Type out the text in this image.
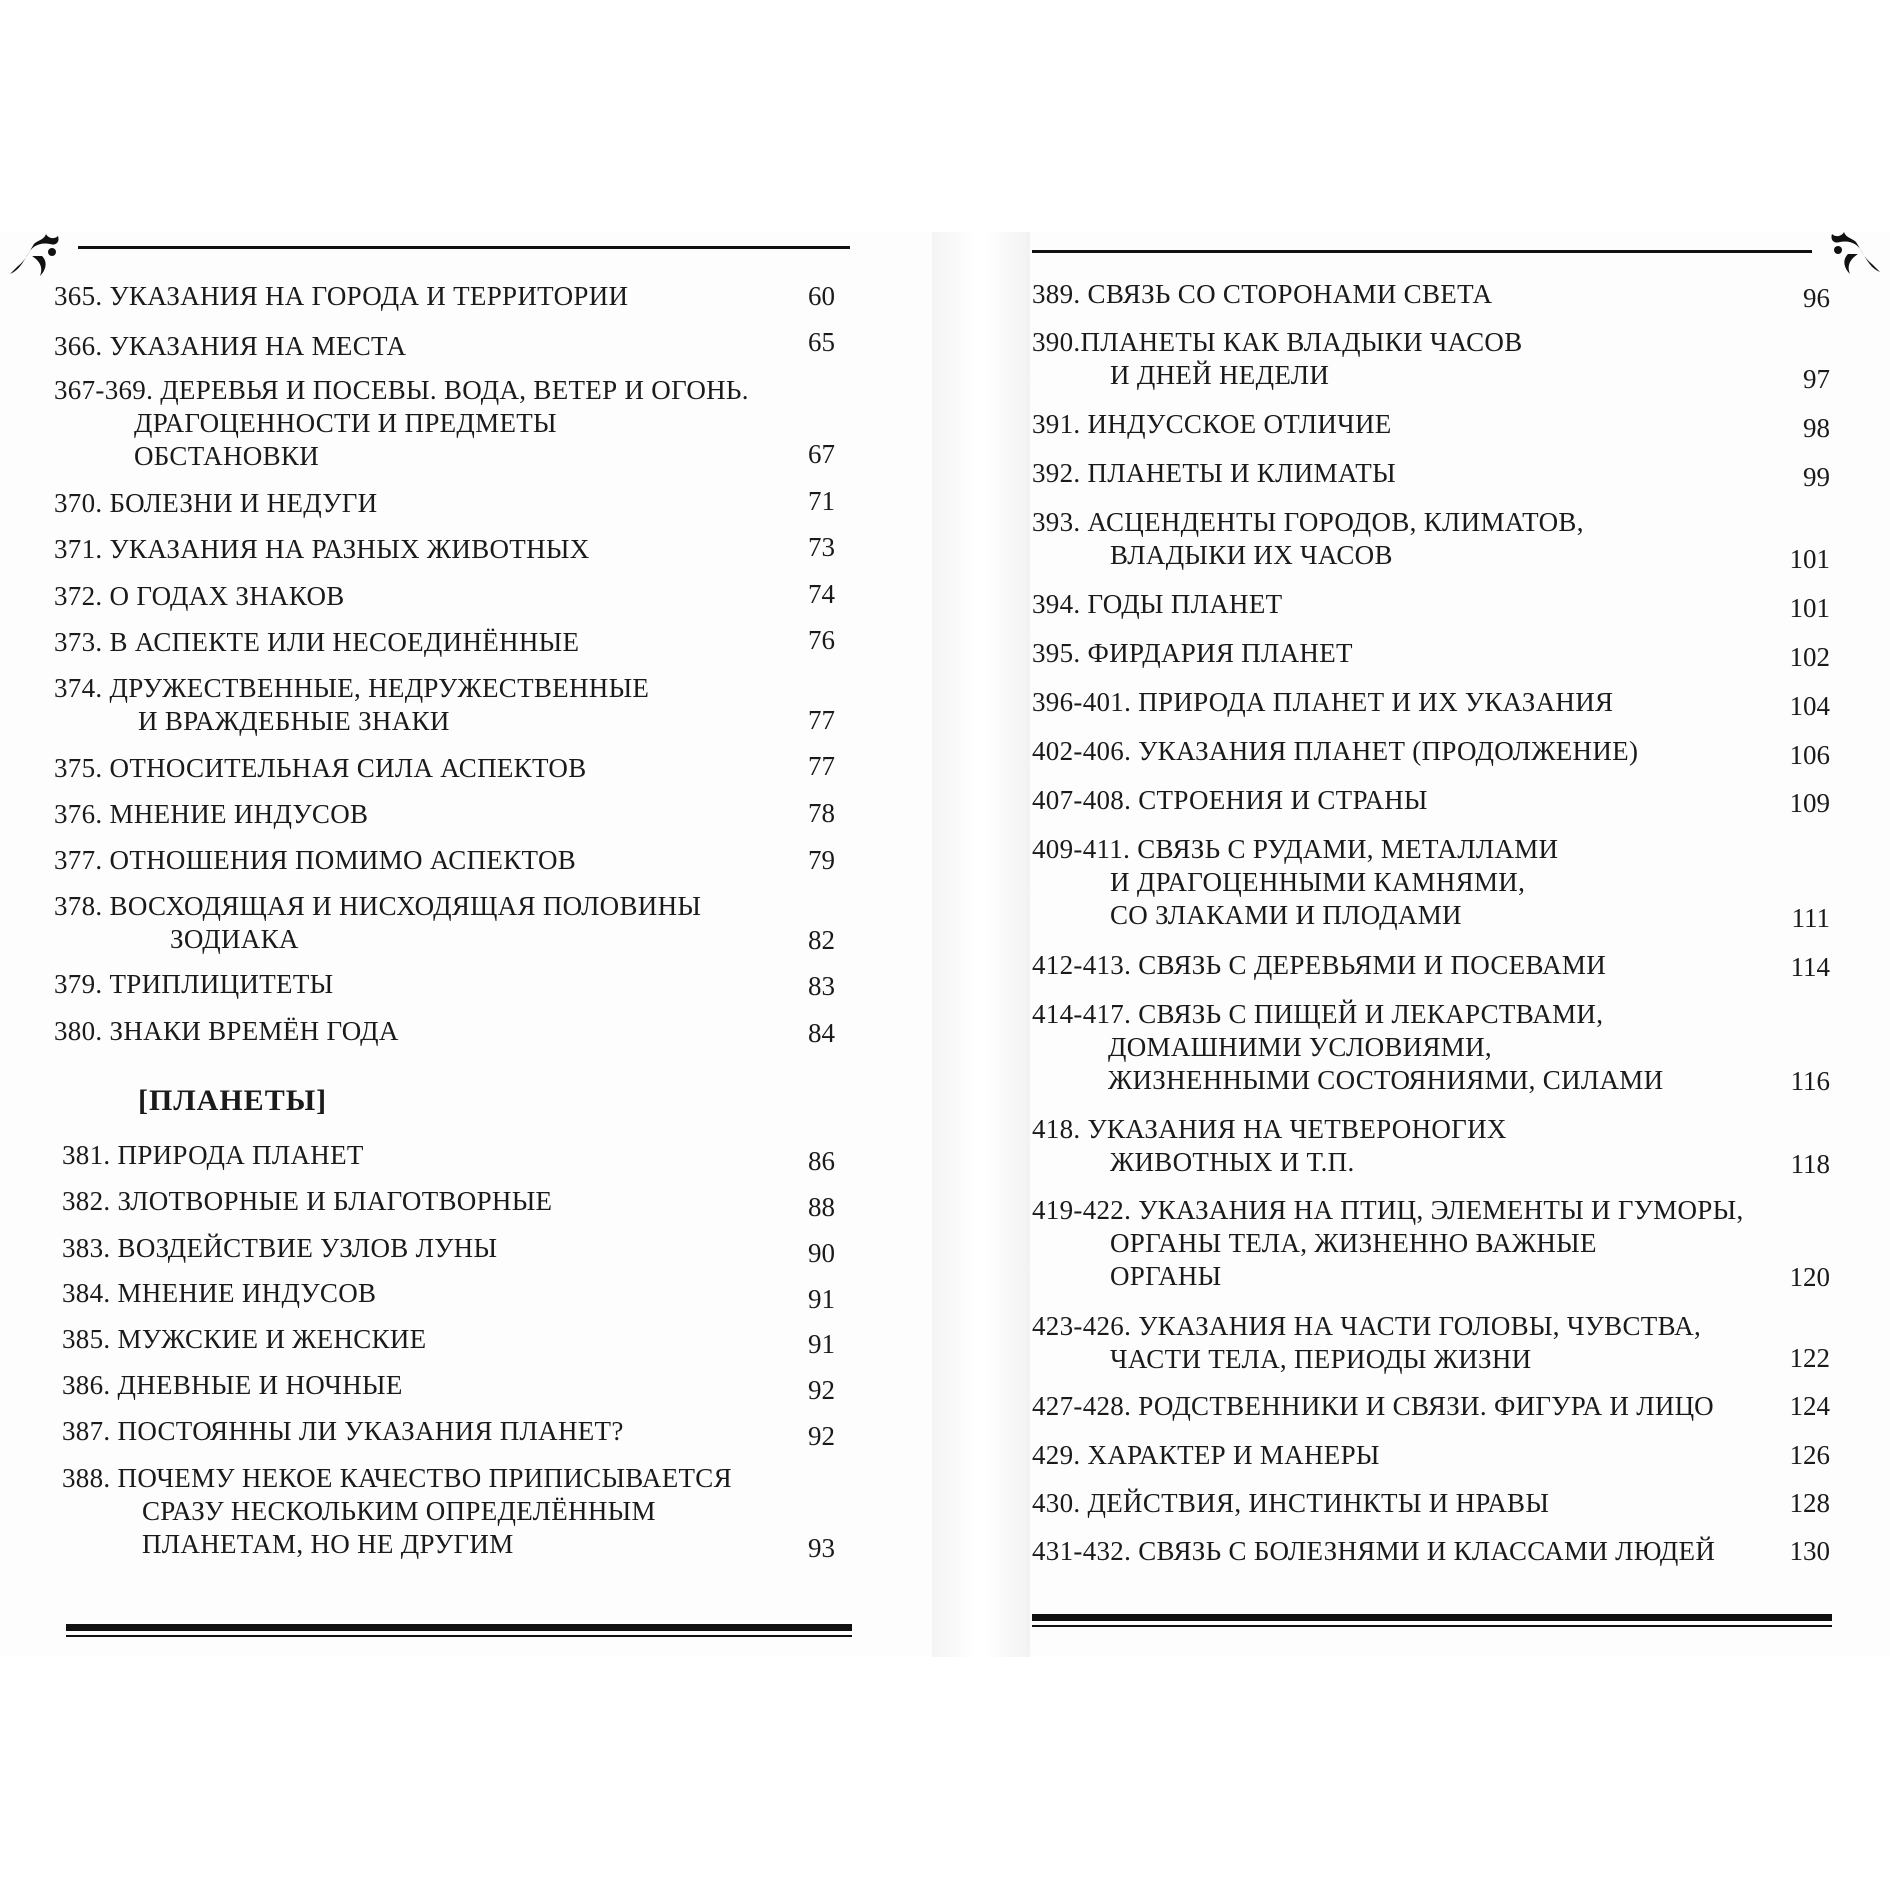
365. УКАЗАНИЯ НА ГОРОДА И ТЕРРИТОРИИ	60
366. УКАЗАНИЯ НА МЕСТА	65
367-369. ДЕРЕВЬЯ И ПОСЕВЫ. ВОДА, ВЕТЕР И ОГОНЬ.
ДРАГОЦЕННОСТИ И ПРЕДМЕТЫ
ОБСТАНОВКИ	67
370. БОЛЕЗНИ И НЕДУГИ	71
371. УКАЗАНИЯ НА РАЗНЫХ ЖИВОТНЫХ	73
372. О ГОДАХ ЗНАКОВ	74
373. В АСПЕКТЕ ИЛИ НЕСОЕДИНЁННЫЕ	76
374. ДРУЖЕСТВЕННЫЕ, НЕДРУЖЕСТВЕННЫЕ
И ВРАЖДЕБНЫЕ ЗНАКИ	77
375. ОТНОСИТЕЛЬНАЯ СИЛА АСПЕКТОВ	77
376. МНЕНИЕ ИНДУСОВ	78
377. ОТНОШЕНИЯ ПОМИМО АСПЕКТОВ	79
378. ВОСХОДЯЩАЯ И НИСХОДЯЩАЯ ПОЛОВИНЫ
ЗОДИАКА	82
379. ТРИПЛИЦИТЕТЫ	83
380. ЗНАКИ ВРЕМЁН ГОДА	84
[ПЛАНЕТЫ]
381. ПРИРОДА ПЛАНЕТ	86
382. ЗЛОТВОРНЫЕ И БЛАГОТВОРНЫЕ	88
383. ВОЗДЕЙСТВИЕ УЗЛОВ ЛУНЫ	90
384. МНЕНИЕ ИНДУСОВ	91
385. МУЖСКИЕ И ЖЕНСКИЕ	91
386. ДНЕВНЫЕ И НОЧНЫЕ	92
387. ПОСТОЯННЫ ЛИ УКАЗАНИЯ ПЛАНЕТ?	92
388. ПОЧЕМУ НЕКОЕ КАЧЕСТВО ПРИПИСЫВАЕТСЯ
СРАЗУ НЕСКОЛЬКИМ ОПРЕДЕЛЁННЫМ
ПЛАНЕТАМ, НО НЕ ДРУГИМ	93
389. СВЯЗЬ СО СТОРОНАМИ СВЕТА	96
390.ПЛАНЕТЫ КАК ВЛАДЫКИ ЧАСОВ
И ДНЕЙ НЕДЕЛИ	97
391. ИНДУССКОЕ ОТЛИЧИЕ	98
392. ПЛАНЕТЫ И КЛИМАТЫ	99
393. АСЦЕНДЕНТЫ ГОРОДОВ, КЛИМАТОВ,
ВЛАДЫКИ ИХ ЧАСОВ	101
394. ГОДЫ ПЛАНЕТ	101
395. ФИРДАРИЯ ПЛАНЕТ	102
396-401. ПРИРОДА ПЛАНЕТ И ИХ УКАЗАНИЯ	104
402-406. УКАЗАНИЯ ПЛАНЕТ (ПРОДОЛЖЕНИЕ)	106
407-408. СТРОЕНИЯ И СТРАНЫ	109
409-411. СВЯЗЬ С РУДАМИ, МЕТАЛЛАМИ
И ДРАГОЦЕННЫМИ КАМНЯМИ,
СО ЗЛАКАМИ И ПЛОДАМИ	111
412-413. СВЯЗЬ С ДЕРЕВЬЯМИ И ПОСЕВАМИ	114
414-417. СВЯЗЬ С ПИЩЕЙ И ЛЕКАРСТВАМИ,
ДОМАШНИМИ УСЛОВИЯМИ,
ЖИЗНЕННЫМИ СОСТОЯНИЯМИ, СИЛАМИ	116
418. УКАЗАНИЯ НА ЧЕТВЕРОНОГИХ
ЖИВОТНЫХ И Т.П.	118
419-422. УКАЗАНИЯ НА ПТИЦ, ЭЛЕМЕНТЫ И ГУМОРЫ,
ОРГАНЫ ТЕЛА, ЖИЗНЕННО ВАЖНЫЕ
ОРГАНЫ	120
423-426. УКАЗАНИЯ НА ЧАСТИ ГОЛОВЫ, ЧУВСТВА,
ЧАСТИ ТЕЛА, ПЕРИОДЫ ЖИЗНИ	122
427-428. РОДСТВЕННИКИ И СВЯЗИ. ФИГУРА И ЛИЦО	124
429. ХАРАКТЕР И МАНЕРЫ	126
430. ДЕЙСТВИЯ, ИНСТИНКТЫ И НРАВЫ	128
431-432. СВЯЗЬ С БОЛЕЗНЯМИ И КЛАССАМИ ЛЮДЕЙ	130
